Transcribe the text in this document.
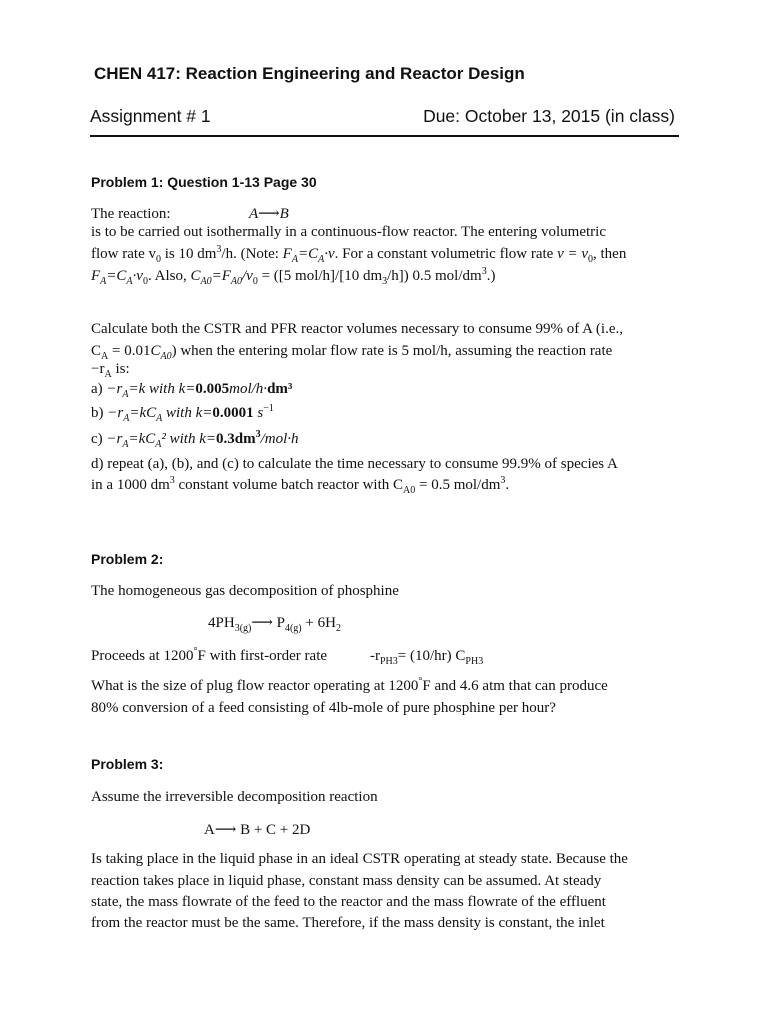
CHEN 417: Reaction Engineering and Reactor Design
Assignment # 1	Due: October 13, 2015 (in class)
Problem 1: Question 1-13 Page 30
The reaction:	A⟶B
is to be carried out isothermally in a continuous-flow reactor. The entering volumetric
flow rate $v_0$ is 10 $dm^3/h$. (Note: $F_A=C_A\cdot v$. For a constant volumetric flow rate $v = v_0$, then
$F_A=C_A\cdot v_0$. Also, $C_{A0}=F_{A0}/v_0 = ([5$ mol/h]/[10 $dm_3/h$]) 0.5 mol/$dm^3$.)
Calculate both the CSTR and PFR reactor volumes necessary to consume 99% of A (i.e.,
$C_A = 0.01C_{A0}$) when the entering molar flow rate is 5 mol/h, assuming the reaction rate
$-r_A$ is:
$a) -r_A=k$ with k=0.005mol/h·dm³
$b) -r_A=kC_A$ with k=0.0001 $s^{-1}$
$c) -r_A=kC_A^2$ with $k=0.3dm^3/mol\cdot h$
d) repeat (a), (b), and (c) to calculate the time necessary to consume 99.9% of species A
in a 1000 $dm^3$ constant volume batch reactor with $C_{A0} = 0.5$ mol/$dm^3$.
Problem 2:
The homogeneous gas decomposition of phosphine
$4PH_{3(g)}⟶$ $P_{4(g)} + 6H_2$
Proceeds at 1200°F with first-order rate	$-r_{PH3}= (10/hr)$ $C_{PH3}$
What is the size of plug flow reactor operating at 1200°F and 4.6 atm that can produce
80% conversion of a feed consisting of 4lb-mole of pure phosphine per hour?
Problem 3:
Assume the irreversible decomposition reaction
A⟶ B + C + 2D
Is taking place in the liquid phase in an ideal CSTR operating at steady state. Because the
reaction takes place in liquid phase, constant mass density can be assumed. At steady
state, the mass flowrate of the feed to the reactor and the mass flowrate of the effluent
from the reactor must be the same. Therefore, if the mass density is constant, the inlet
